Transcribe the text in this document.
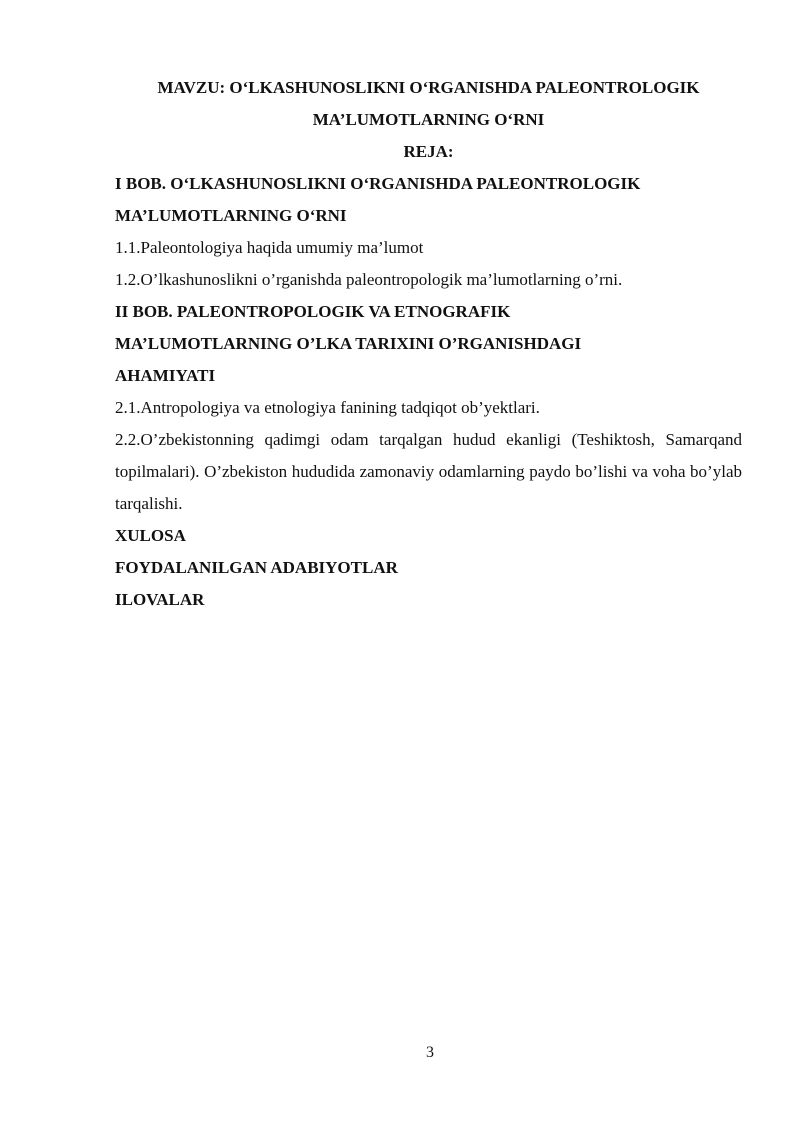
MAVZU: O‘LKASHUNOSLIKNI O‘RGANISHDA PALEONTROLOGIK

MA’LUMOTLARNING O‘RNI

REJA:

I BOB. O‘LKASHUNOSLIKNI O‘RGANISHDA PALEONTROLOGIK

MA’LUMOTLARNING O‘RNI

1.1.Paleontologiya haqida umumiy ma’lumot

1.2.O’lkashunoslikni o’rganishda paleontropologik ma’lumotlarning o’rni.

II BOB. PALEONTROPOLOGIK VA ETNOGRAFIK

MA’LUMOTLARNING O’LKA TARIXINI O’RGANISHDAGI

AHAMIYATI

2.1.Antropologiya va etnologiya fanining tadqiqot ob’yektlari.

2.2.O’zbekistonning qadimgi odam tarqalgan hudud ekanligi (Teshiktosh, Samarqand topilmalari). O’zbekiston hududida zamonaviy odamlarning paydo bo’lishi va voha bo’ylab tarqalishi.

XULOSA

FOYDALANILGAN ADABIYOTLAR

ILOVALAR

3
